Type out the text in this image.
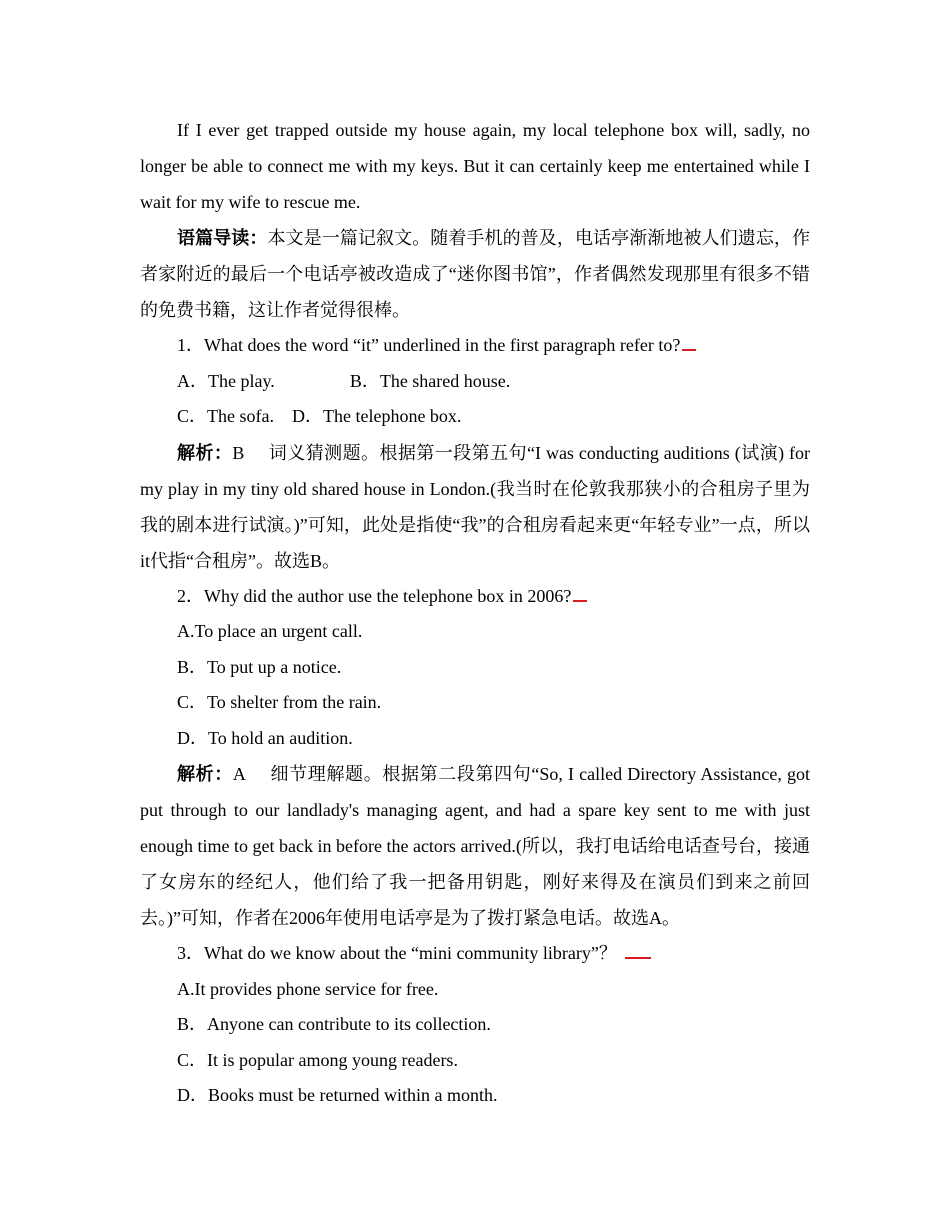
If I ever get trapped outside my house again, my local telephone box will, sadly, no longer be able to connect me with my keys. But it can certainly keep me entertained while I wait for my wife to rescue me.

语篇导读：本文是一篇记叙文。随着手机的普及，电话亭渐渐地被人们遗忘，作者家附近的最后一个电话亭被改造成了“迷你图书馆”，作者偶然发现那里有很多不错的免费书籍，这让作者觉得很棒。

1．What does the word “it” underlined in the first paragraph refer to?

A．The play.	B．The shared house.

C．The sofa. D．The telephone box.

解析：B 词义猜测题。根据第一段第五句“I was conducting auditions (试演) for my play in my tiny old shared house in London.(我当时在伦敦我那狭小的合租房子里为我的剧本进行试演。)”可知，此处是指使“我”的合租房看起来更“年轻专业”一点，所以it代指“合租房”。故选B。

2．Why did the author use the telephone box in 2006?

A.To place an urgent call.

B．To put up a notice.

C．To shelter from the rain.

D．To hold an audition.

解析：A 细节理解题。根据第二段第四句“So, I called Directory Assistance, got put through to our landlady's managing agent, and had a spare key sent to me with just enough time to get back in before the actors arrived.(所以，我打电话给电话查号台，接通了女房东的经纪人，他们给了我一把备用钥匙，刚好来得及在演员们到来之前回去。)”可知，作者在2006年使用电话亭是为了拨打紧急电话。故选A。

3．What do we know about the “mini community library”？

A.It provides phone service for free.

B．Anyone can contribute to its collection.

C．It is popular among young readers.

D．Books must be returned within a month.
